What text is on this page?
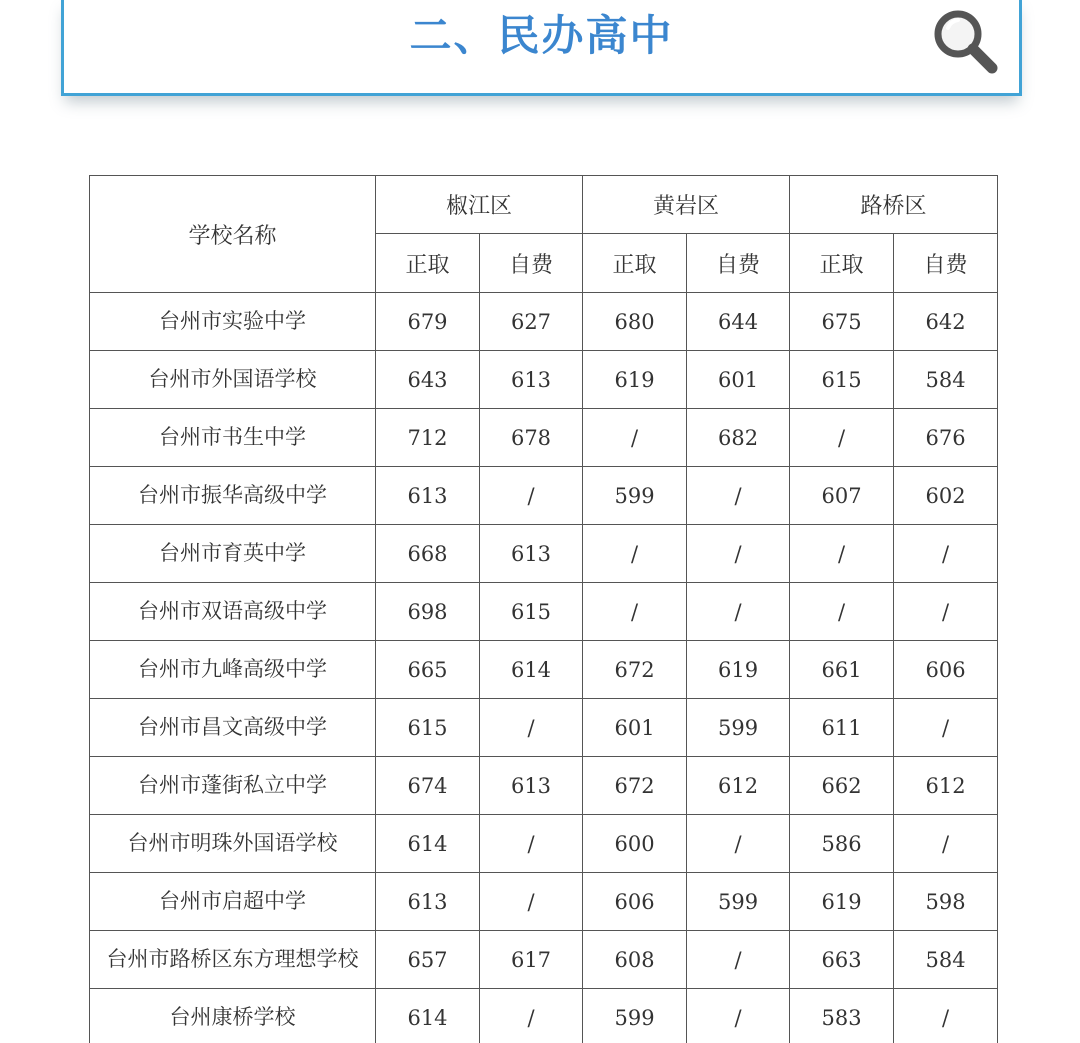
二、民办高中
学校名称	椒江区		黄岩区		路桥区	
	正取	自费	正取	自费	正取	自费
台州市实验中学	679	627	680	644	675	642
台州市外国语学校	643	613	619	601	615	584
台州市书生中学	712	678	/	682	/	676
台州市振华高级中学	613	/	599	/	607	602
台州市育英中学	668	613	/	/	/	/
台州市双语高级中学	698	615	/	/	/	/
台州市九峰高级中学	665	614	672	619	661	606
台州市昌文高级中学	615	/	601	599	611	/
台州市蓬街私立中学	674	613	672	612	662	612
台州市明珠外国语学校	614	/	600	/	586	/
台州市启超中学	613	/	606	599	619	598
台州市路桥区东方理想学校	657	617	608	/	663	584
台州康桥学校	614	/	599	/	583	/
